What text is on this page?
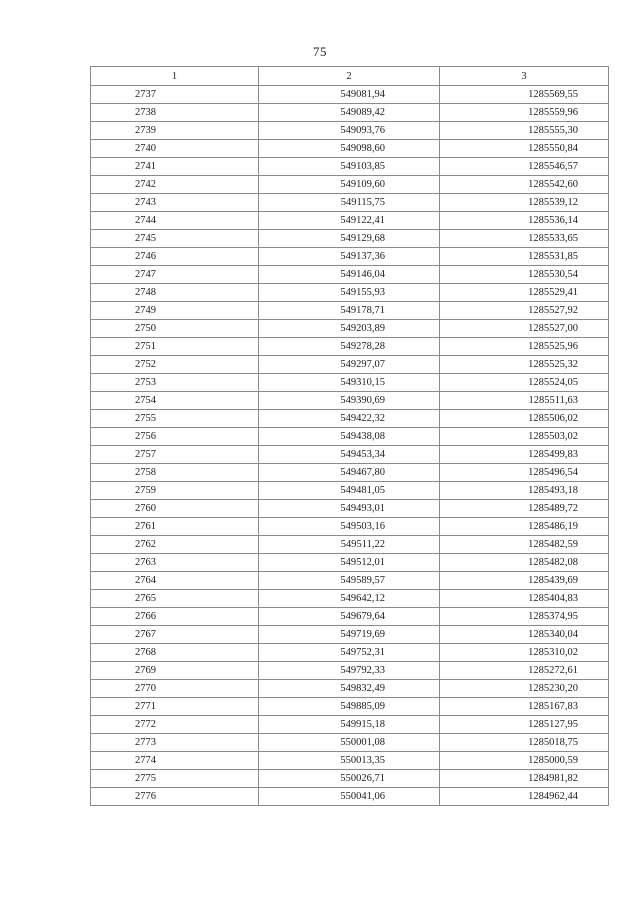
75
1	2	3
2737	549081,94	1285569,55
2738	549089,42	1285559,96
2739	549093,76	1285555,30
2740	549098,60	1285550,84
2741	549103,85	1285546,57
2742	549109,60	1285542,60
2743	549115,75	1285539,12
2744	549122,41	1285536,14
2745	549129,68	1285533,65
2746	549137,36	1285531,85
2747	549146,04	1285530,54
2748	549155,93	1285529,41
2749	549178,71	1285527,92
2750	549203,89	1285527,00
2751	549278,28	1285525,96
2752	549297,07	1285525,32
2753	549310,15	1285524,05
2754	549390,69	1285511,63
2755	549422,32	1285506,02
2756	549438,08	1285503,02
2757	549453,34	1285499,83
2758	549467,80	1285496,54
2759	549481,05	1285493,18
2760	549493,01	1285489,72
2761	549503,16	1285486,19
2762	549511,22	1285482,59
2763	549512,01	1285482,08
2764	549589,57	1285439,69
2765	549642,12	1285404,83
2766	549679,64	1285374,95
2767	549719,69	1285340,04
2768	549752,31	1285310,02
2769	549792,33	1285272,61
2770	549832,49	1285230,20
2771	549885,09	1285167,83
2772	549915,18	1285127,95
2773	550001,08	1285018,75
2774	550013,35	1285000,59
2775	550026,71	1284981,82
2776	550041,06	1284962,44
